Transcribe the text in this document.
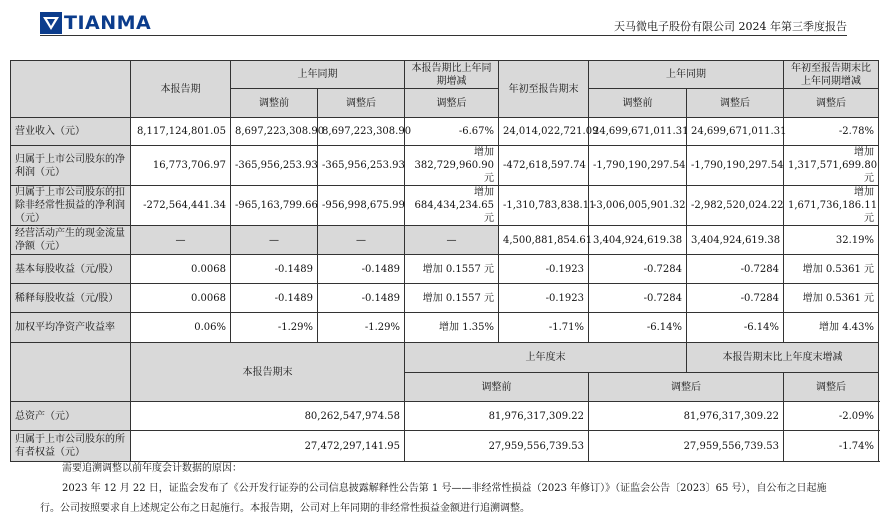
TIANMA	天马微电子股份有限公司 2024 年第三季度报告
	本报告期	上年同期		本报告期比上年同期增减	年初至报告期末	上年同期		年初至报告期末比上年同期增减
		调整前	调整后	调整后		调整前	调整后	调整后
营业收入（元）	8,117,124,801.05	8,697,223,308.90	8,697,223,308.90	-6.67%	24,014,022,721.09	24,699,671,011.31	24,699,671,011.31	-2.78%
归属于上市公司股东的净利润（元）	16,773,706.97	-365,956,253.93	-365,956,253.93	增加 382,729,960.90 元	-472,618,597.74	-1,790,190,297.54	-1,790,190,297.54	增加 1,317,571,699.80 元
归属于上市公司股东的扣除非经常性损益的净利润（元）	-272,564,441.34	-965,163,799.66	-956,998,675.99	增加 684,434,234.65 元	-1,310,783,838.11	-3,006,005,901.32	-2,982,520,024.22	增加 1,671,736,186.11 元
经营活动产生的现金流量净额（元）	—	—	—	—	4,500,881,854.61	3,404,924,619.38	3,404,924,619.38	32.19%
基本每股收益（元/股）	0.0068	-0.1489	-0.1489	增加 0.1557 元	-0.1923	-0.7284	-0.7284	增加 0.5361 元
稀释每股收益（元/股）	0.0068	-0.1489	-0.1489	增加 0.1557 元	-0.1923	-0.7284	-0.7284	增加 0.5361 元
加权平均净资产收益率	0.06%	-1.29%	-1.29%	增加 1.35%	-1.71%	-6.14%	-6.14%	增加 4.43%
	本报告期末			上年度末			本报告期末比上年度末增减	
				调整前		调整后		调整后
总资产（元）	80,262,547,974.58			81,976,317,309.22		81,976,317,309.22		-2.09%
归属于上市公司股东的所有者权益（元）	27,472,297,141.95			27,959,556,739.53		27,959,556,739.53		-1.74%

需要追溯调整以前年度会计数据的原因：

2023 年 12 月 22 日，证监会发布了《公开发行证券的公司信息披露解释性公告第 1 号——非经常性损益（2023 年修订）》（证监会公告〔2023〕65 号），自公布之日起施

行。公司按照要求自上述规定公布之日起施行。本报告期，公司对上年同期的非经常性损益金额进行追溯调整。
